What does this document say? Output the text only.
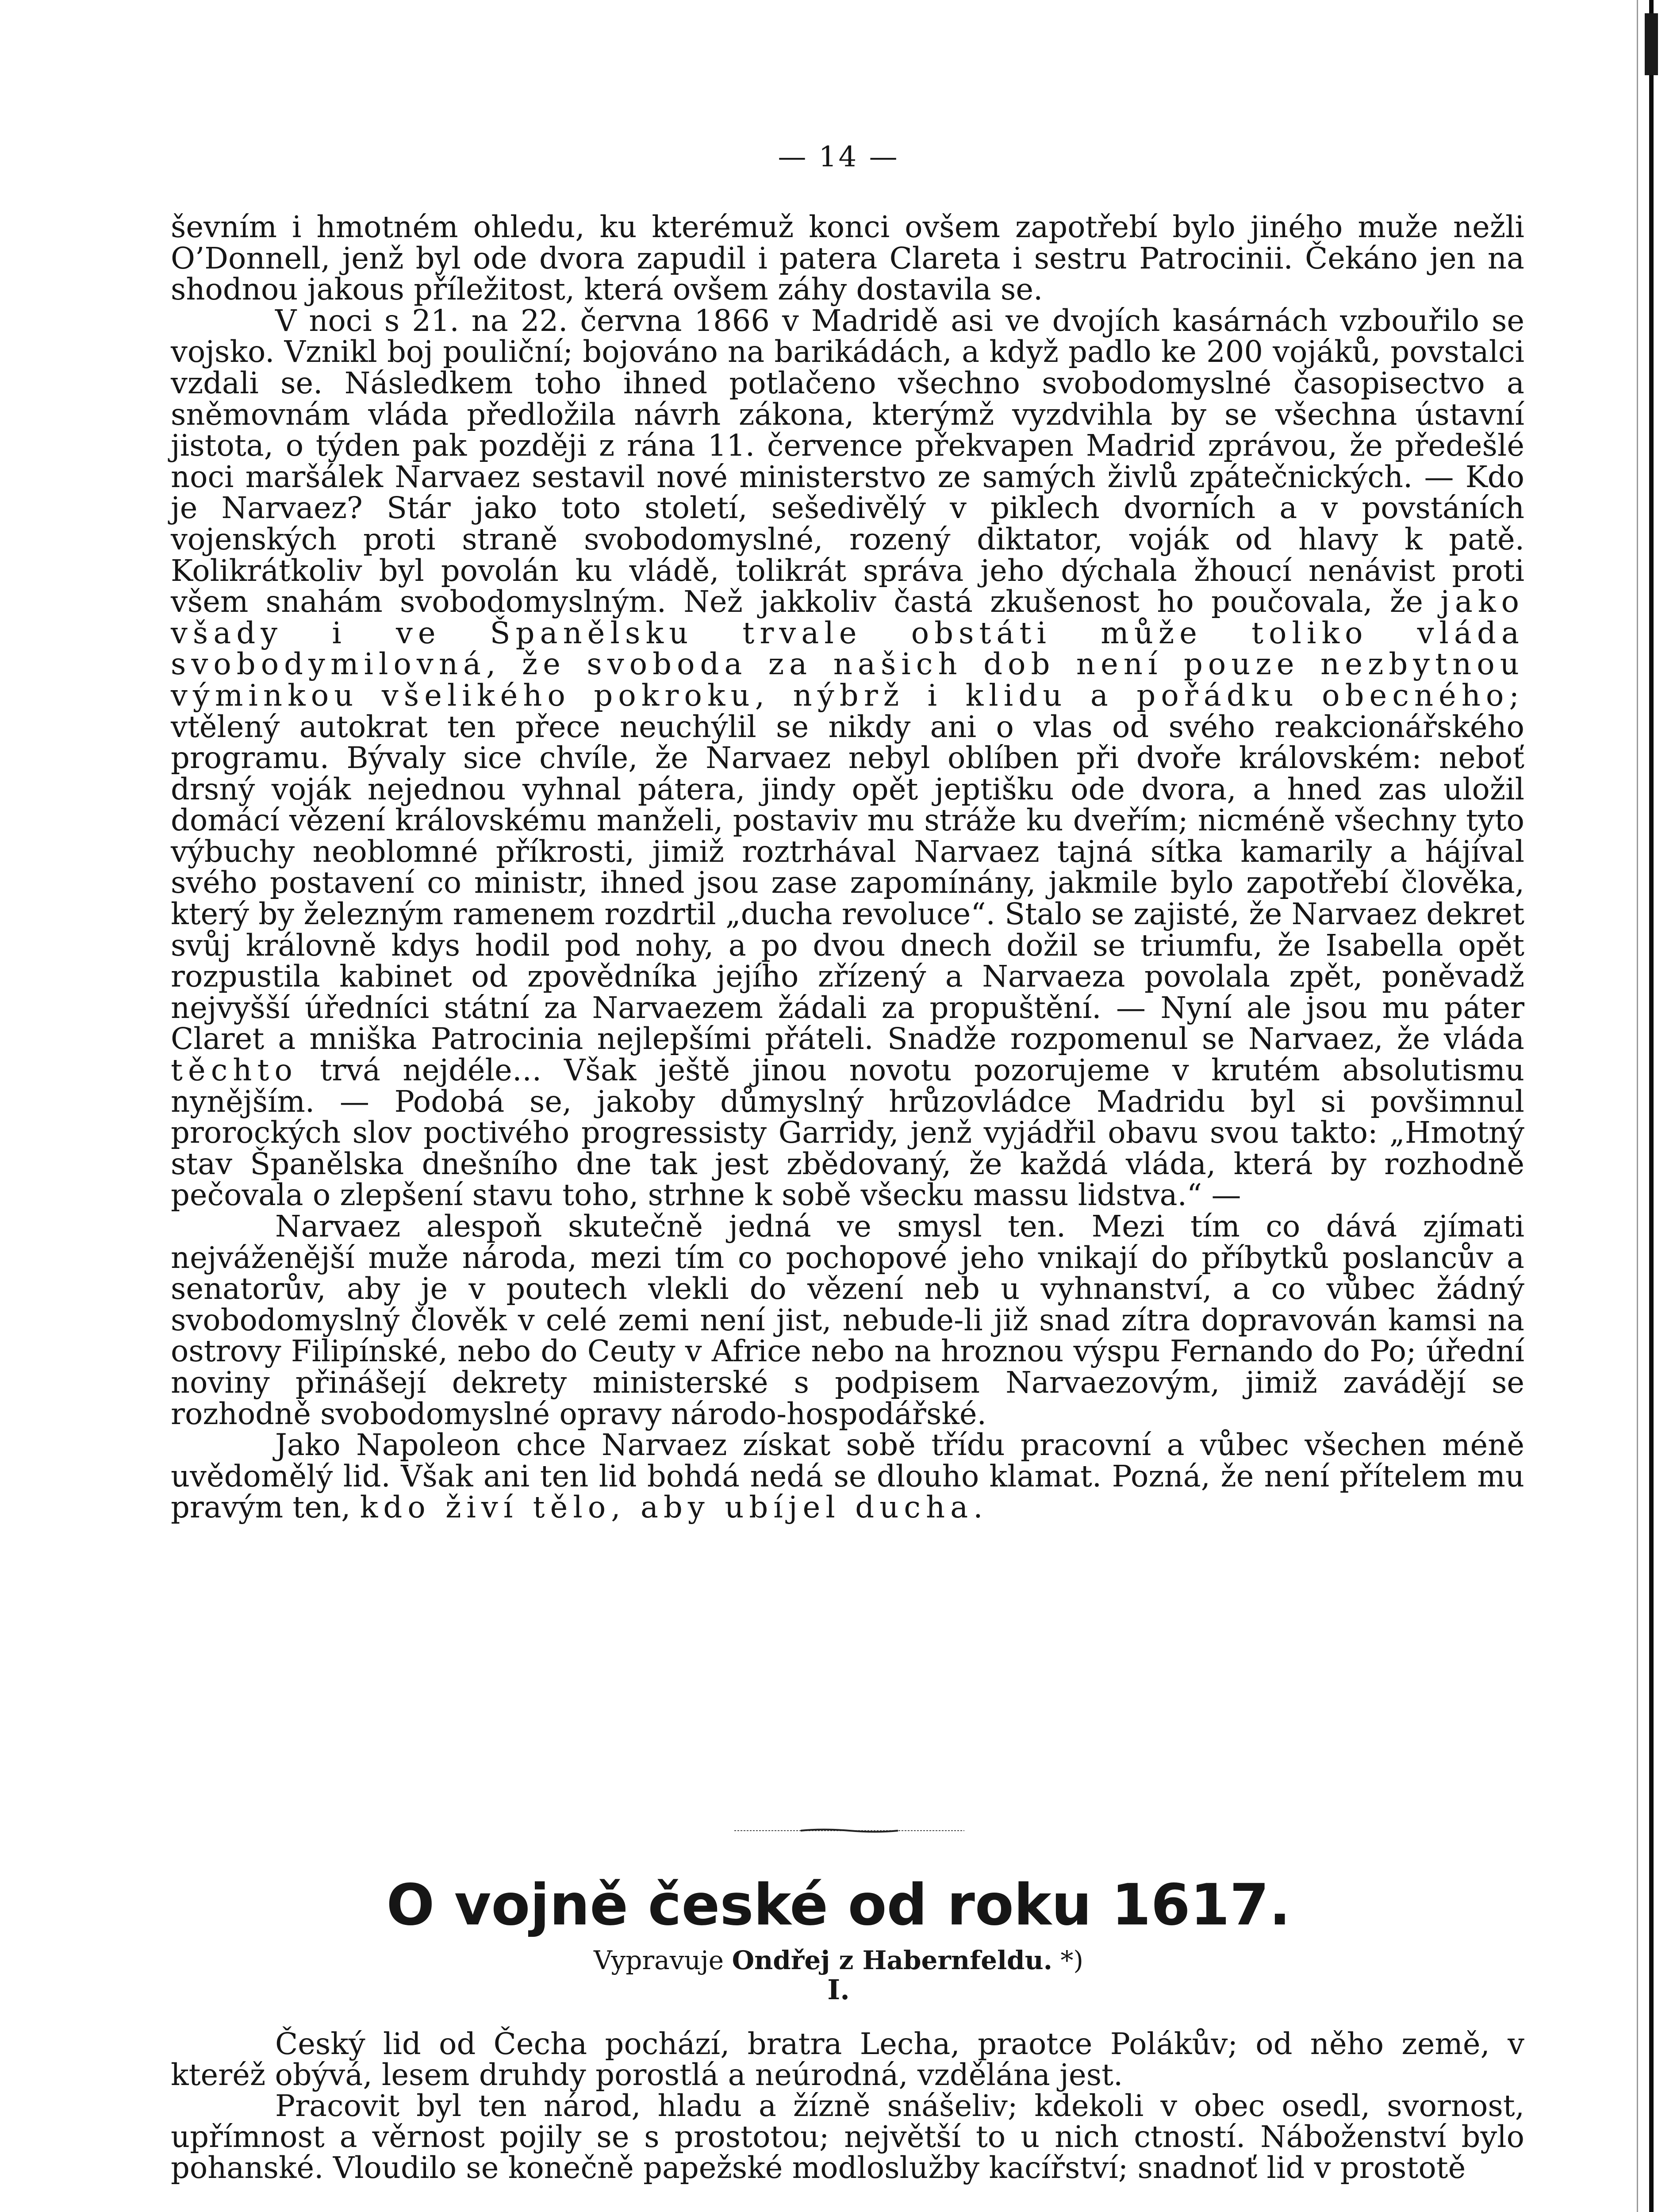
— 14 —

ševním i hmotném ohledu, ku kterémuž konci ovšem zapotřebí bylo jiného muže nežli O’Donnell, jenž byl ode dvora zapudil i patera Clareta i sestru Patrocinii. Čekáno jen na shodnou jakous příležitost, která ovšem záhy dostavila se.

V noci s 21. na 22. června 1866 v Madridě asi ve dvojích kasárnách vzbouřilo se vojsko. Vznikl boj pouliční; bojováno na barikádách, a když padlo ke 200 vojáků, povstalci vzdali se. Následkem toho ihned potlačeno všechno svobodomyslné časopisectvo a sněmovnám vláda předložila návrh zákona, kterýmž vyzdvihla by se všechna ústavní jistota, o týden pak později z rána 11. července překvapen Madrid zprávou, že předešlé noci maršálek Narvaez sestavil nové ministerstvo ze samých živlů zpátečnických. — Kdo je Narvaez? Stár jako toto století, sešedivělý v piklech dvorních a v povstáních vojenských proti straně svobodomyslné, rozený diktator, voják od hlavy k patě. Kolikrátkoliv byl povolán ku vládě, tolikrát správa jeho dýchala žhoucí nenávist proti všem snahám svobodomyslným. Než jakkoliv častá zkušenost ho poučovala, že jako všady i ve Španělsku trvale obstáti může toliko vláda svobodymilovná, že svoboda za našich dob není pouze nezbytnou výminkou všelikého pokroku, nýbrž i klidu a pořádku obecného; vtělený autokrat ten přece neuchýlil se nikdy ani o vlas od svého reakcionářského programu. Bývaly sice chvíle, že Narvaez nebyl oblíben při dvoře královském: neboť drsný voják nejednou vyhnal pátera, jindy opět jeptišku ode dvora, a hned zas uložil domácí vězení královskému manželi, postaviv mu stráže ku dveřím; nicméně všechny tyto výbuchy neoblomné příkrosti, jimiž roztrhával Narvaez tajná sítka kamarily a hájíval svého postavení co ministr, ihned jsou zase zapomínány, jakmile bylo zapotřebí člověka, který by železným ramenem rozdrtil „ducha revoluce“. Stalo se zajisté, že Narvaez dekret svůj královně kdys hodil pod nohy, a po dvou dnech dožil se triumfu, že Isabella opět rozpustila kabinet od zpovědníka jejího zřízený a Narvaeza povolala zpět, poněvadž nejvyšší úředníci státní za Narvaezem žádali za propuštění. — Nyní ale jsou mu páter Claret a mniška Patrocinia nejlepšími přáteli. Snadže rozpomenul se Narvaez, že vláda těchto trvá nejdéle… Však ještě jinou novotu pozorujeme v krutém absolutismu nynějším. — Podobá se, jakoby důmyslný hrůzovládce Madridu byl si povšimnul prorockých slov poctivého progressisty Garridy, jenž vyjádřil obavu svou takto: „Hmotný stav Španělska dnešního dne tak jest zbědovaný, že každá vláda, která by rozhodně pečovala o zlepšení stavu toho, strhne k sobě všecku massu lidstva.“ —

Narvaez alespoň skutečně jedná ve smysl ten. Mezi tím co dává zjímati nejváženější muže národa, mezi tím co pochopové jeho vnikají do příbytků poslancův a senatorův, aby je v poutech vlekli do vězení neb u vyhnanství, a co vůbec žádný svobodomyslný člověk v celé zemi není jist, nebude-li již snad zítra dopravován kamsi na ostrovy Filipínské, nebo do Ceuty v Africe nebo na hroznou výspu Fernando do Po; úřední noviny přinášejí dekrety ministerské s podpisem Narvaezovým, jimiž zavádějí se rozhodně svobodomyslné opravy národo-hospodářské.

Jako Napoleon chce Narvaez získat sobě třídu pracovní a vůbec všechen méně uvědomělý lid. Však ani ten lid bohdá nedá se dlouho klamat. Pozná, že není přítelem mu pravým ten, kdo živí tělo, aby ubíjel ducha.

O vojně české od roku 1617.
Vypravuje Ondřej z Habernfeldu. *)
I.

Český lid od Čecha pochází, bratra Lecha, praotce Polákův; od něho země, v kteréž obývá, lesem druhdy porostlá a neúrodná, vzdělána jest.

Pracovit byl ten národ, hladu a žízně snášeliv; kdekoli v obec osedl, svornost, upřímnost a věrnost pojily se s prostotou; největší to u nich ctností. Náboženství bylo pohanské. Vloudilo se konečně papežské modloslužby kacířství; snadnoť lid v prostotě
